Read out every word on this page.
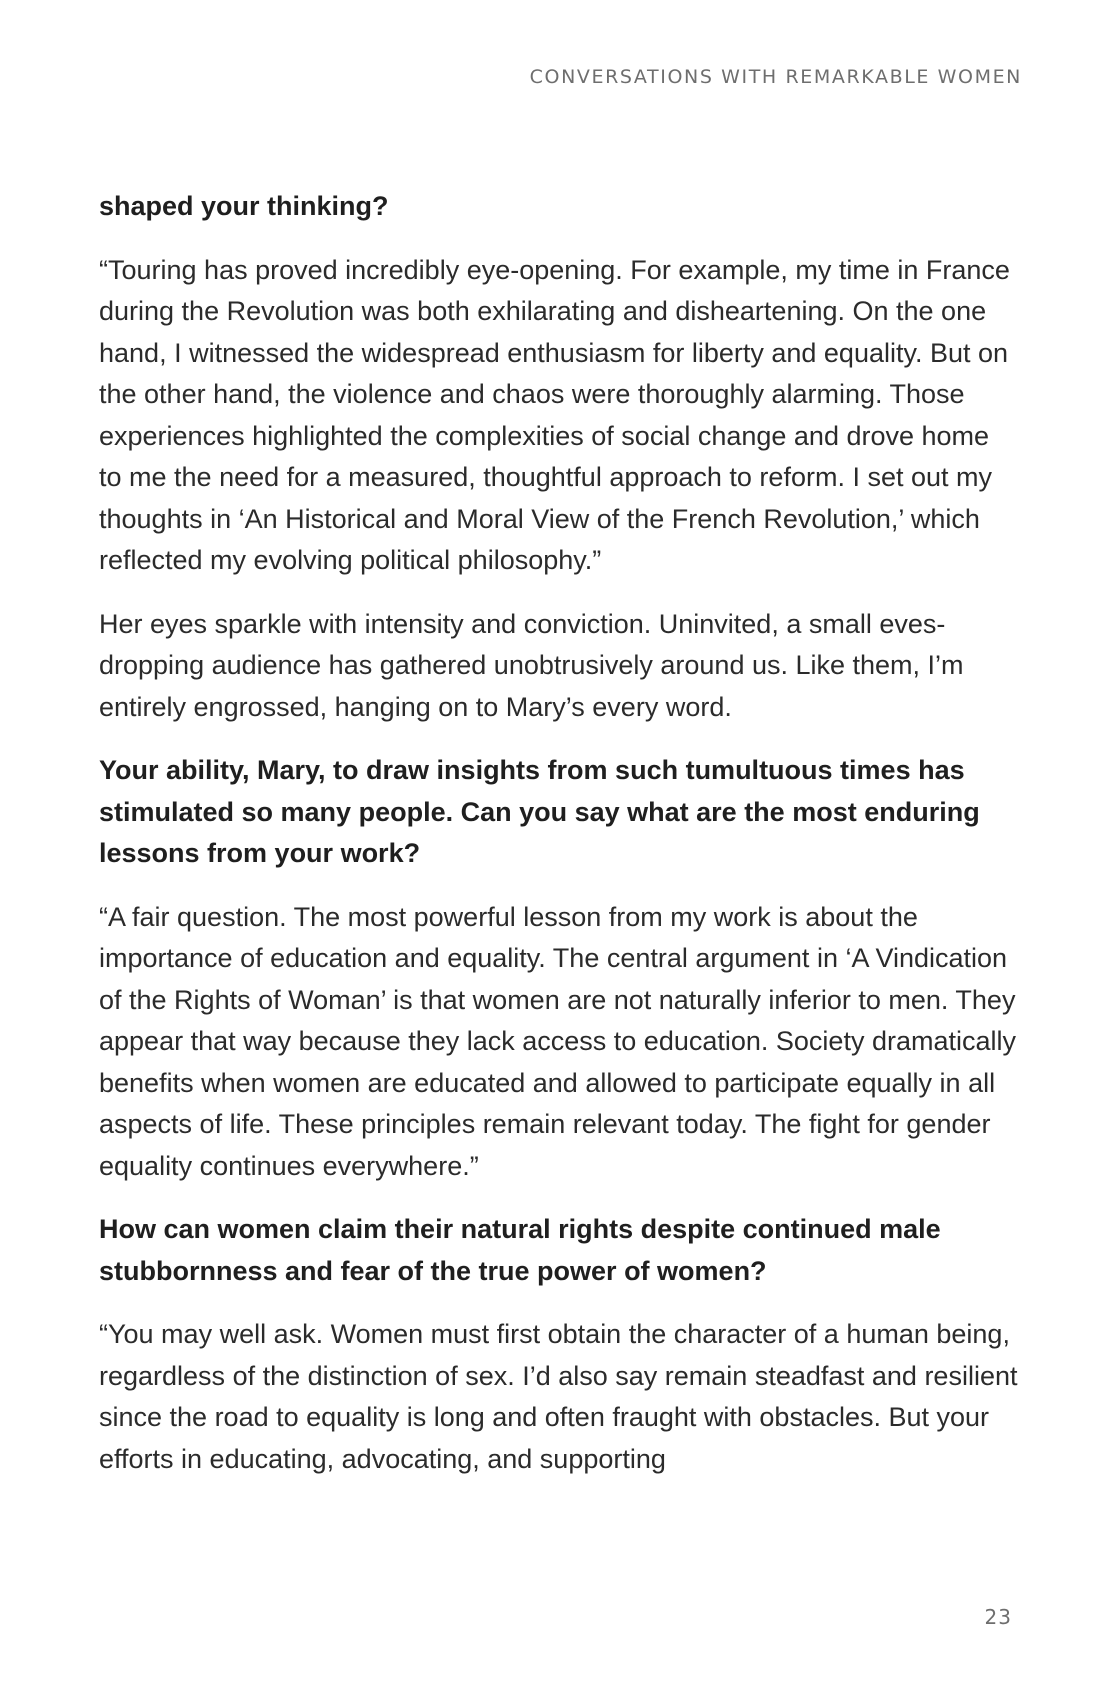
CONVERSATIONS WITH REMARKABLE WOMEN

shaped your thinking?

“Touring has proved incredibly eye-opening. For example, my time in France during the Revolution was both exhilarating and disheartening. On the one hand, I witnessed the widespread enthusiasm for liberty and equality. But on the other hand, the violence and chaos were thoroughly alarming. Those experiences highlighted the complexities of social change and drove home to me the need for a measured, thoughtful approach to reform. I set out my thoughts in ‘An Historical and Moral View of the French Revolution,’ which reflected my evolving political philosophy.”

Her eyes sparkle with intensity and conviction. Uninvited, a small eves-dropping audience has gathered unobtrusively around us. Like them, I’m entirely engrossed, hanging on to Mary’s every word.

Your ability, Mary, to draw insights from such tumultuous times has stimulated so many people. Can you say what are the most enduring lessons from your work?

“A fair question. The most powerful lesson from my work is about the importance of education and equality. The central argument in ‘A Vindication of the Rights of Woman’ is that women are not naturally inferior to men. They appear that way because they lack access to education. Society dramatically benefits when women are educated and allowed to participate equally in all aspects of life. These principles remain relevant today. The fight for gender equality continues everywhere.”

How can women claim their natural rights despite continued male stubbornness and fear of the true power of women?

“You may well ask. Women must first obtain the character of a human being, regardless of the distinction of sex. I’d also say remain steadfast and resilient since the road to equality is long and often fraught with obstacles. But your efforts in educating, advocating, and supporting

23
